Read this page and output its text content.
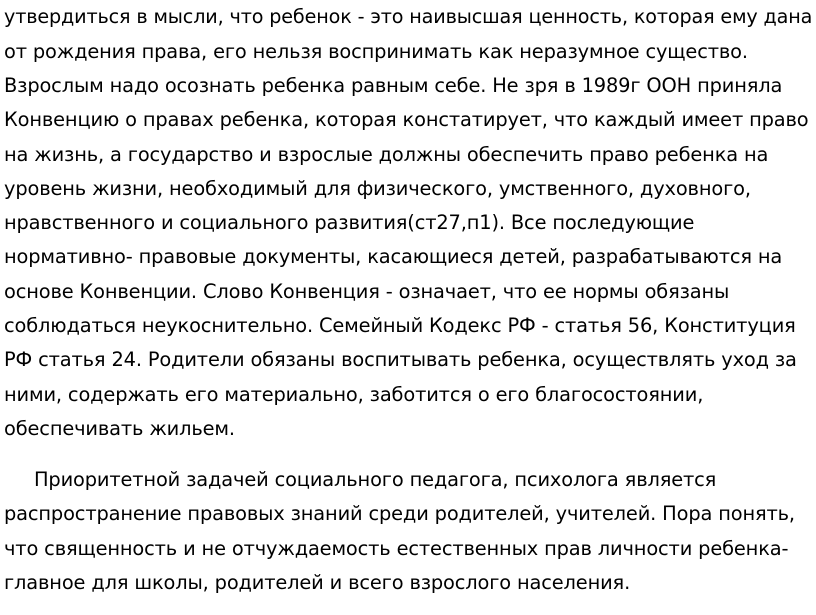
утвердиться в мысли, что ребенок - это наивысшая ценность, которая ему дана
от рождения права, его нельзя воспринимать как неразумное существо.
Взрослым надо осознать ребенка равным себе. Не зря в 1989г ООН приняла
Конвенцию о правах ребенка, которая констатирует, что каждый имеет право
на жизнь, а государство и взрослые должны обеспечить право ребенка на
уровень жизни, необходимый для физического, умственного, духовного,
нравственного и социального развития(ст27,п1). Все последующие
нормативно- правовые документы, касающиеся детей, разрабатываются на
основе Конвенции. Слово Конвенция - означает, что ее нормы обязаны
соблюдаться неукоснительно. Семейный Кодекс РФ - статья 56, Конституция
РФ статья 24. Родители обязаны воспитывать ребенка, осуществлять уход за
ними, содержать его материально, заботится о его благосостоянии,
обеспечивать жильем.
Приоритетной задачей социального педагога, психолога является
распространение правовых знаний среди родителей, учителей. Пора понять,
что священность и не отчуждаемость естественных прав личности ребенка-
главное для школы, родителей и всего взрослого населения.
